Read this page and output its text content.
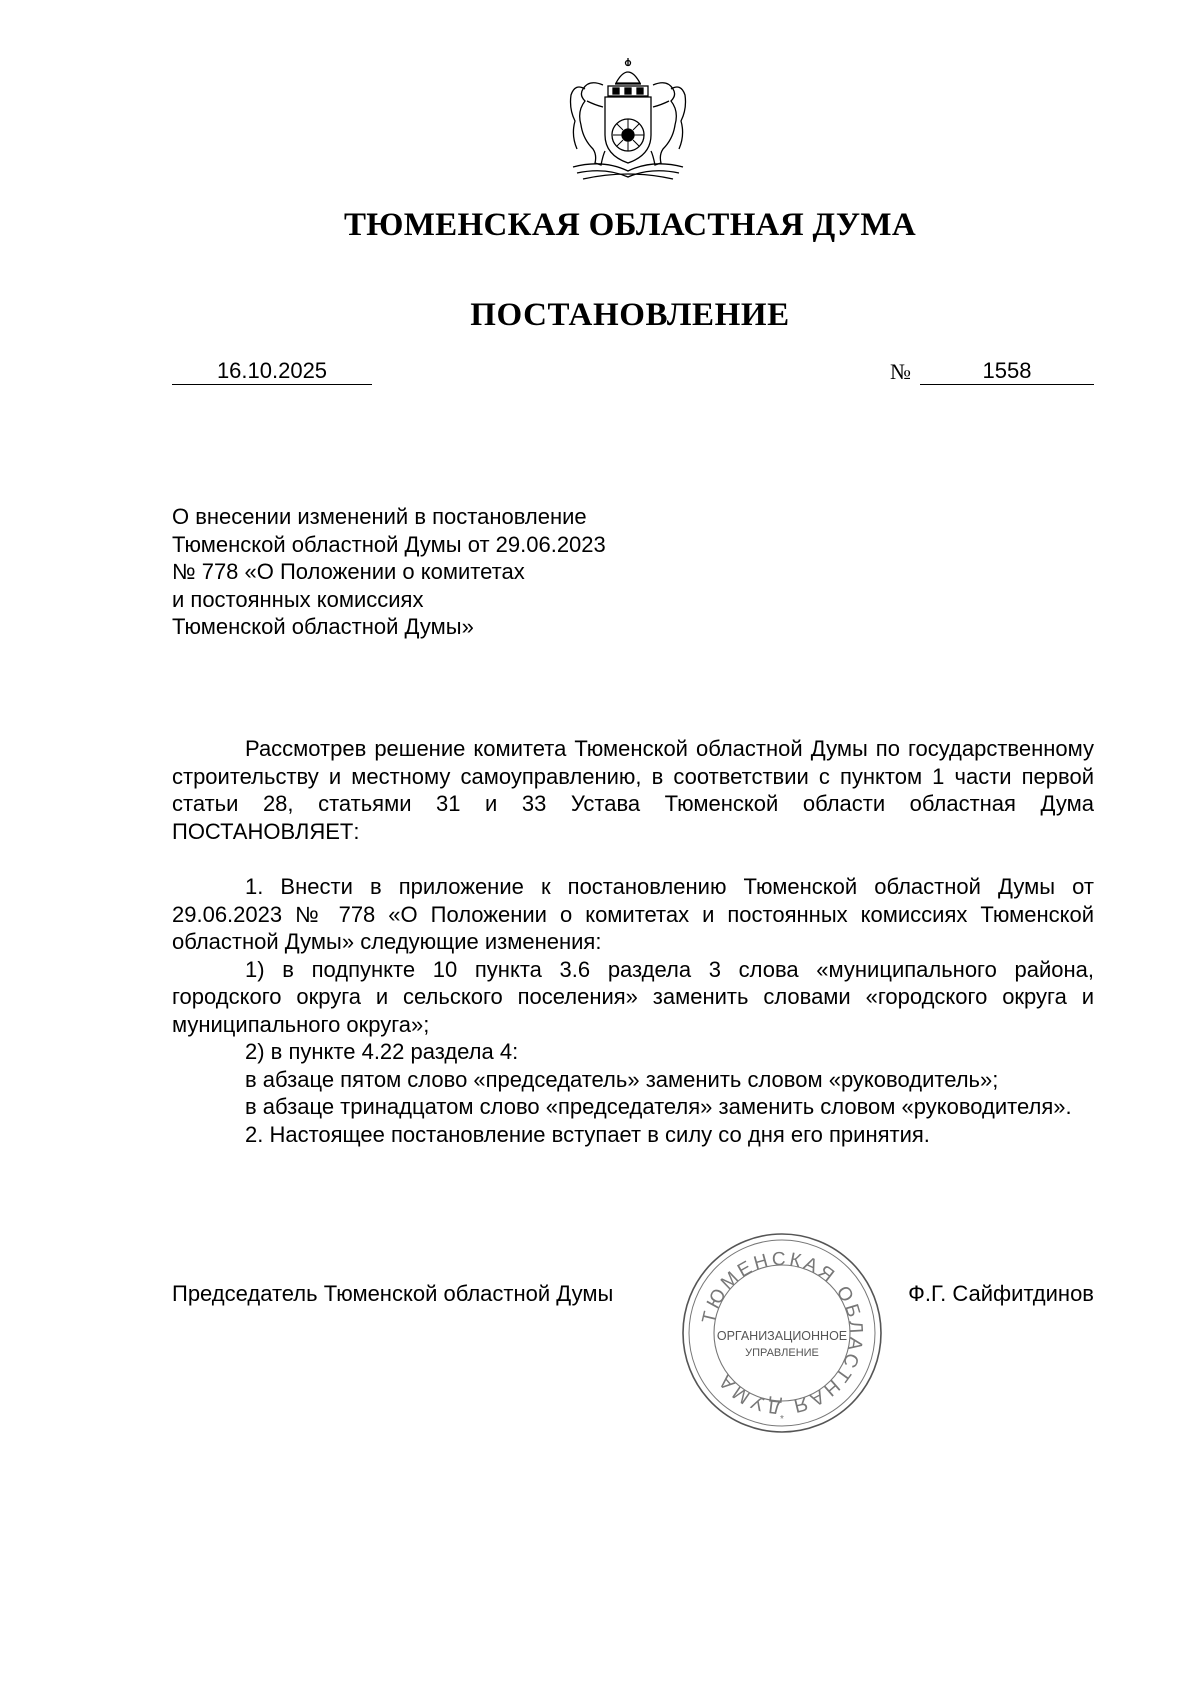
ТЮМЕНСКАЯ ОБЛАСТНАЯ ДУМА
ПОСТАНОВЛЕНИЕ
16.10.2025	№	1558
О внесении изменений в постановление
Тюменской областной Думы от 29.06.2023
№ 778 «О Положении о комитетах
и постоянных комиссиях
Тюменской областной Думы»

Рассмотрев решение комитета Тюменской областной Думы по государственному строительству и местному самоуправлению, в соответствии с пунктом 1 части первой статьи 28, статьями 31 и 33 Устава Тюменской области областная Дума ПОСТАНОВЛЯЕТ:

1. Внести в приложение к постановлению Тюменской областной Думы от 29.06.2023 № 778 «О Положении о комитетах и постоянных комиссиях Тюменской областной Думы» следующие изменения:

1) в подпункте 10 пункта 3.6 раздела 3 слова «муниципального района, городского округа и сельского поселения» заменить словами «городского округа и муниципального округа»;

2) в пункте 4.22 раздела 4:

в абзаце пятом слово «председатель» заменить словом «руководитель»;

в абзаце тринадцатом слово «председателя» заменить словом «руководителя».

2. Настоящее постановление вступает в силу со дня его принятия.

Председатель Тюменской областной Думы
ТЮМЕНСКАЯ ОБЛАСТНАЯ ДУМА
ОРГАНИЗАЦИОННОЕ
УПРАВЛЕНИЕ
*
Ф.Г. Сайфитдинов
